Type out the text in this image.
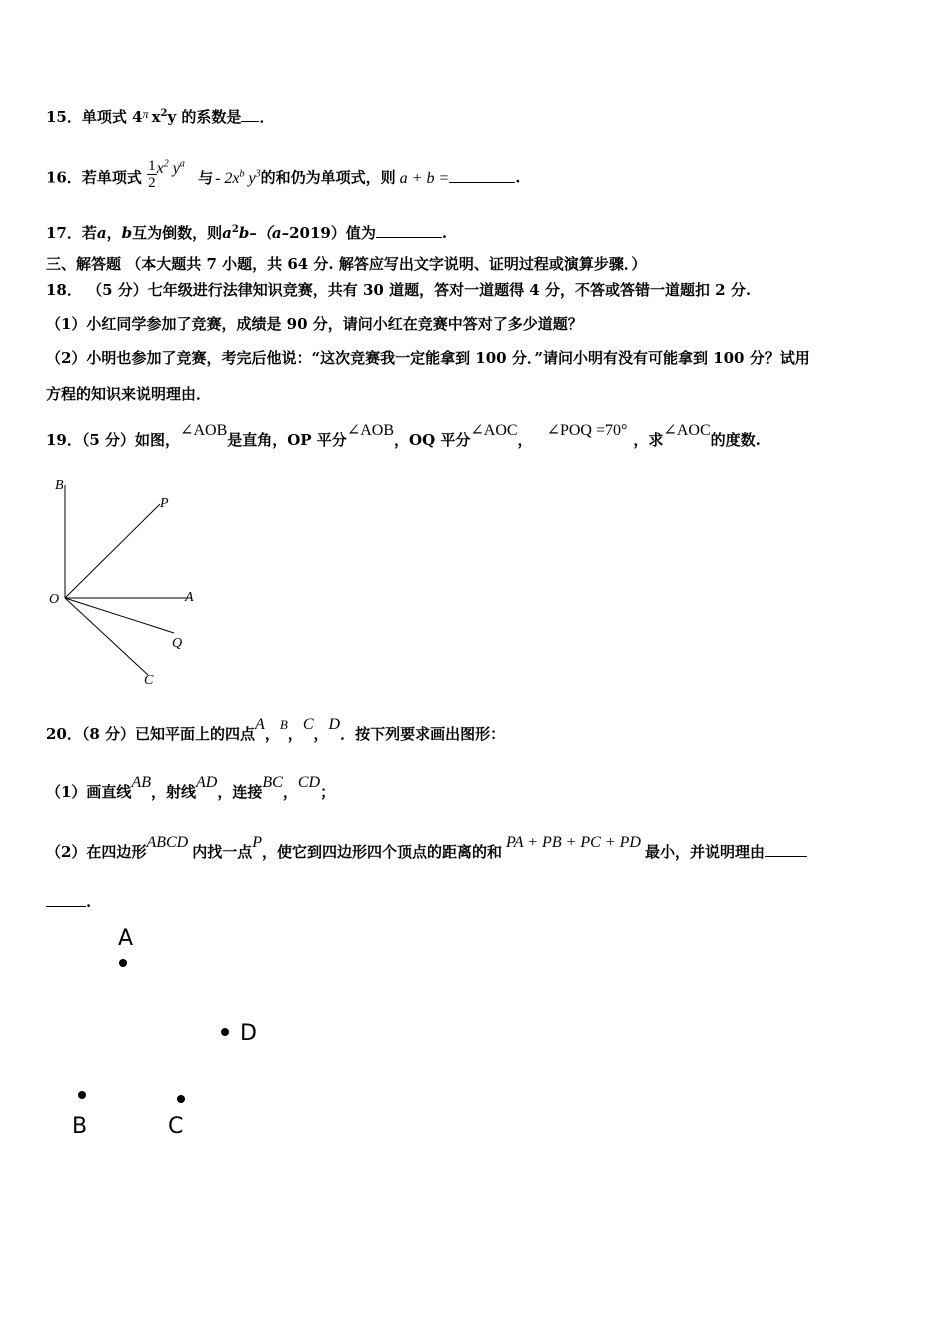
15．单项式 $4^\pi$ $x^2y$ 的系数是 ．
16．若单项式 $\frac{1}{2} x^2$ $y^a$ 与 - $2x^b$ $y^3$的和仍为单项式，则 a + b =	.
17．若a，b互为倒数，则$a^2b-(a-2019)$值为	.
三、解答题 （本大题共 7 小题，共 64 分. 解答应写出文字说明、证明过程或演算步骤．）
18． （5 分）七年级进行法律知识竞赛，共有 30 道题，答对一道题得 4 分，不答或答错一道题扣 2 分.
（1）小红同学参加了竞赛，成绩是 90 分，请问小红在竞赛中答对了多少道题？
（2）小明也参加了竞赛，考完后他说：“这次竞赛我一定能拿到 100 分．”请问小明有没有可能拿到 100 分？试用
方程的知识来说明理由．
19．（5 分）如图，∠AOB是直角，OP 平分∠AOB，OQ 平分∠AOC，∠POQ =70°，求∠AOC的度数.
B
P
O	A
Q
C
20．（8 分）已知平面上的四点A，B，C，D．按下列要求画出图形：
（1）画直线AB，射线AD，连接BC，CD；
（2）在四边形ABCD内找一点P，使它到四边形四个顶点的距离的和PA + PB + PC + PD最小，并说明理由
.
A
D
B	C
